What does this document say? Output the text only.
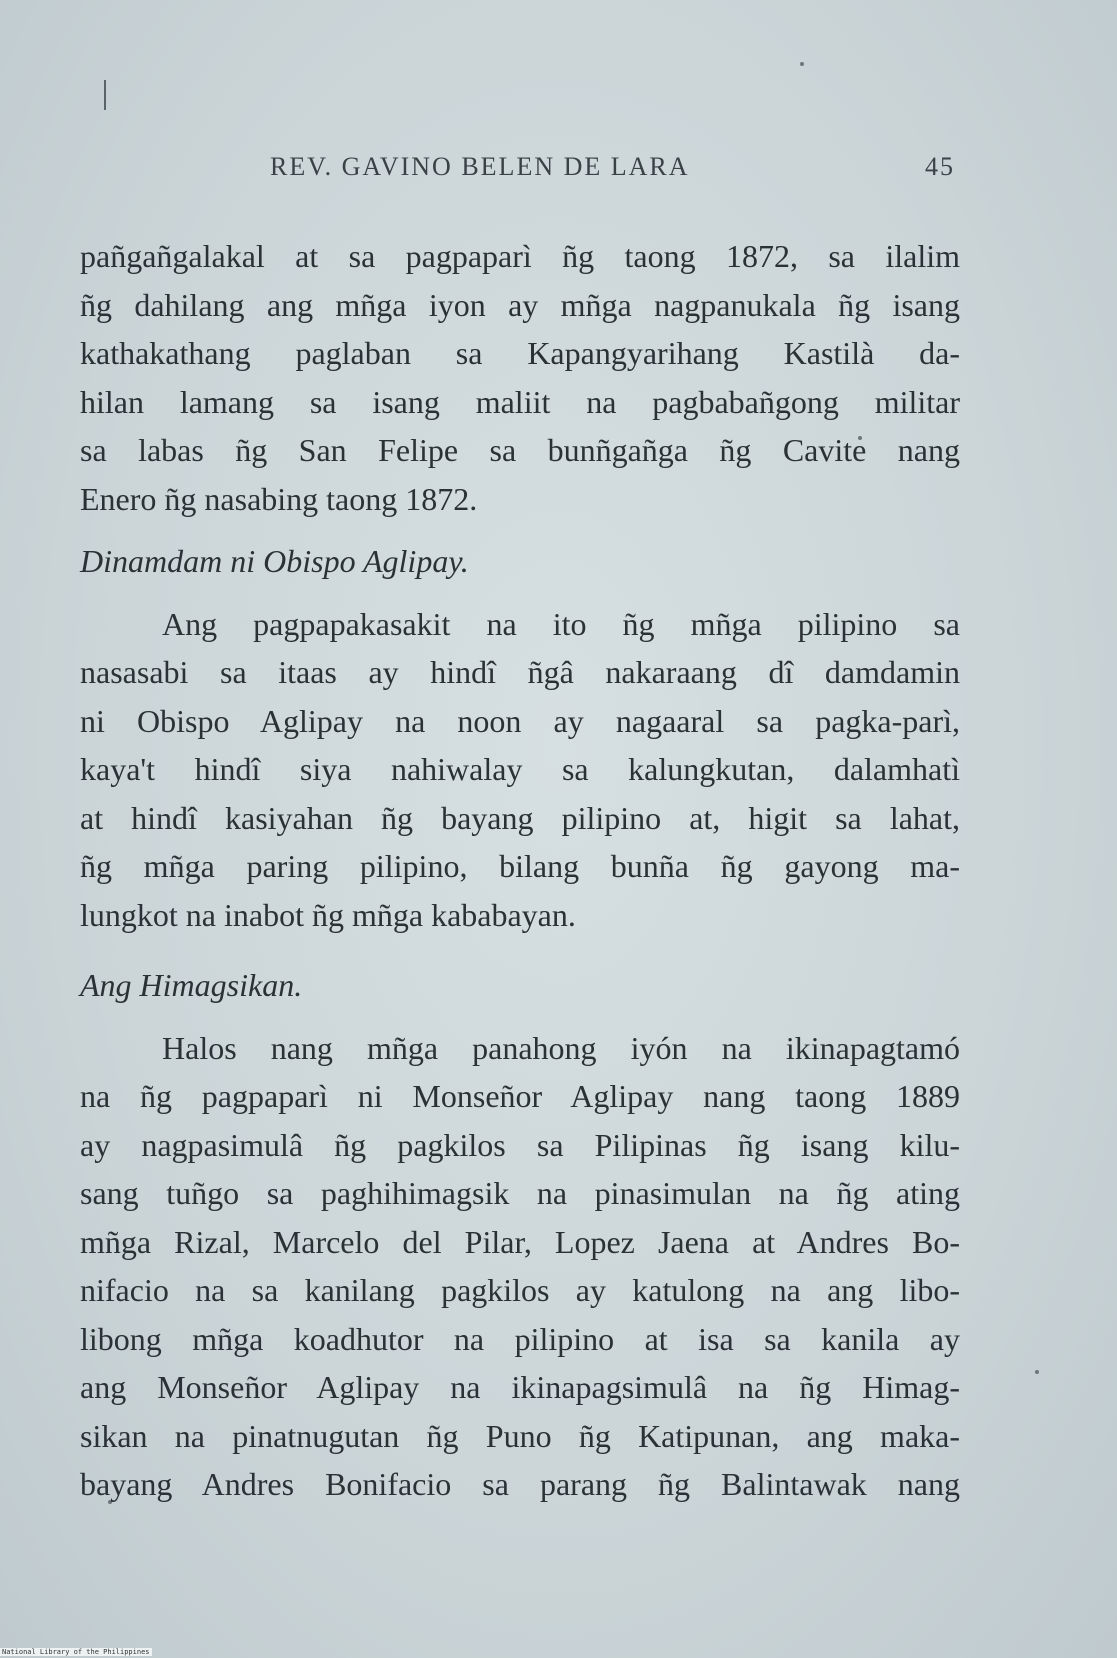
REV. GAVINO BELEN DE LARA	45
pañgañgalakal at sa pagpaparì ñg taong 1872, sa ilalim
ñg dahilang ang mñga iyon ay mñga nagpanukala ñg isang
kathakathang paglaban sa Kapangyarihang Kastilà da-
hilan lamang sa isang maliit na pagbabañgong militar
sa labas ñg San Felipe sa bunñgañga ñg Cavite nang
Enero ñg nasabing taong 1872.
Dinamdam ni Obispo Aglipay.
Ang pagpapakasakit na ito ñg mñga pilipino sa
nasasabi sa itaas ay hindî ñgâ nakaraang dî damdamin
ni Obispo Aglipay na noon ay nagaaral sa pagka-parì,
kaya't hindî siya nahiwalay sa kalungkutan, dalamhatì
at hindî kasiyahan ñg bayang pilipino at, higit sa lahat,
ñg mñga paring pilipino, bilang bunña ñg gayong ma-
lungkot na inabot ñg mñga kababayan.
Ang Himagsikan.
Halos nang mñga panahong iyón na ikinapagtamó
na ñg pagpaparì ni Monseñor Aglipay nang taong 1889
ay nagpasimulâ ñg pagkilos sa Pilipinas ñg isang kilu-
sang tuñgo sa paghihimagsik na pinasimulan na ñg ating
mñga Rizal, Marcelo del Pilar, Lopez Jaena at Andres Bo-
nifacio na sa kanilang pagkilos ay katulong na ang libo-
libong mñga koadhutor na pilipino at isa sa kanila ay
ang Monseñor Aglipay na ikinapagsimulâ na ñg Himag-
sikan na pinatnugutan ñg Puno ñg Katipunan, ang maka-
bayang Andres Bonifacio sa parang ñg Balintawak nang
National Library of the Philippines
